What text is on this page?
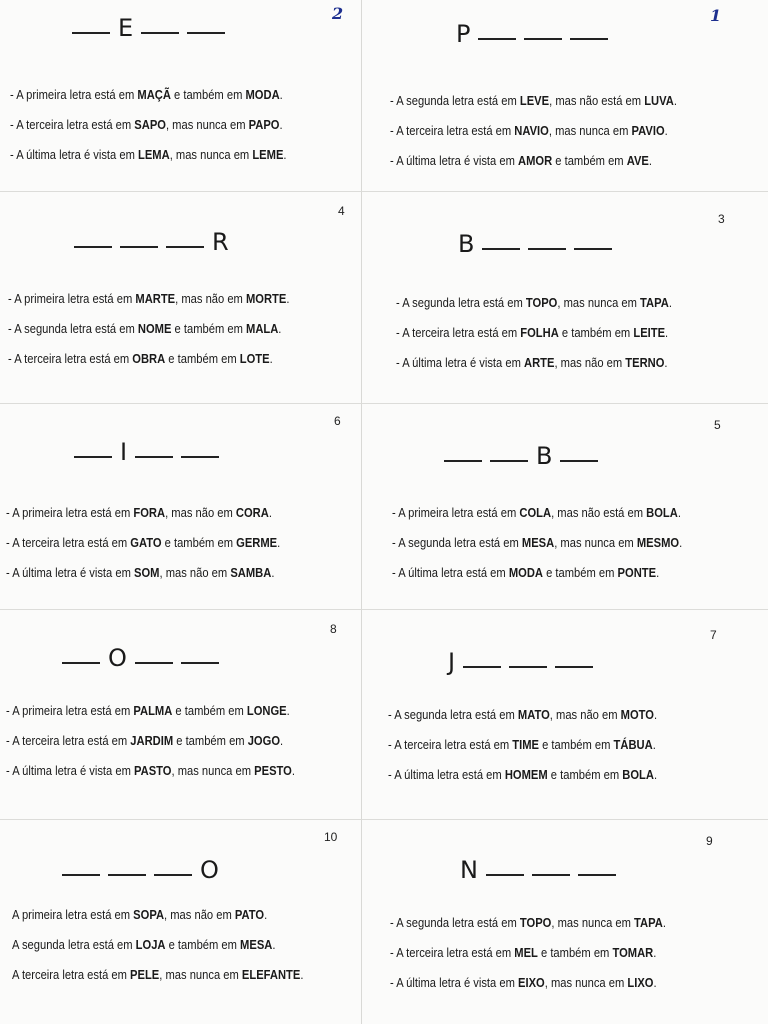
2
E
- A primeira letra está em MAÇÃ e também em MODA.
- A terceira letra está em SAPO, mas nunca em PAPO.
- A última letra é vista em LEMA, mas nunca em LEME.
1
P
- A segunda letra está em LEVE, mas não está em LUVA.
- A terceira letra está em NAVIO, mas nunca em PAVIO.
- A última letra é vista em AMOR e também em AVE.
4
R
- A primeira letra está em MARTE, mas não em MORTE.
- A segunda letra está em NOME e também em MALA.
- A terceira letra está em OBRA e também em LOTE.
3
B
- A segunda letra está em TOPO, mas nunca em TAPA.
- A terceira letra está em FOLHA e também em LEITE.
- A última letra é vista em ARTE, mas não em TERNO.
6
I
- A primeira letra está em FORA, mas não em CORA.
- A terceira letra está em GATO e também em GERME.
- A última letra é vista em SOM, mas não em SAMBA.
5
B
- A primeira letra está em COLA, mas não está em BOLA.
- A segunda letra está em MESA, mas nunca em MESMO.
- A última letra está em MODA e também em PONTE.
8
O
- A primeira letra está em PALMA e também em LONGE.
- A terceira letra está em JARDIM e também em JOGO.
- A última letra é vista em PASTO, mas nunca em PESTO.
7
J
- A segunda letra está em MATO, mas não em MOTO.
- A terceira letra está em TIME e também em TÁBUA.
- A última letra está em HOMEM e também em BOLA.
10
O
A primeira letra está em SOPA, mas não em PATO.
A segunda letra está em LOJA e também em MESA.
A terceira letra está em PELE, mas nunca em ELEFANTE.
9
N
- A segunda letra está em TOPO, mas nunca em TAPA.
- A terceira letra está em MEL e também em TOMAR.
- A última letra é vista em EIXO, mas nunca em LIXO.
